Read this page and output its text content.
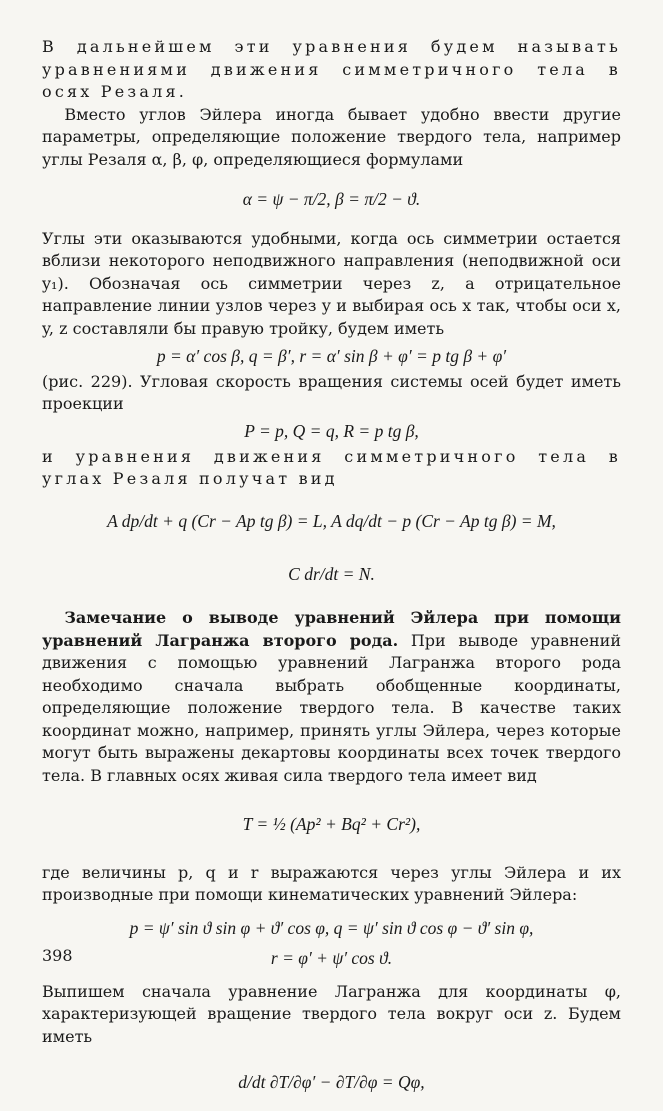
В дальнейшем эти уравнения будем называть уравнениями движения симметричного тела в осях Резаля.

Вместо углов Эйлера иногда бывает удобно ввести другие параметры, определяющие положение твердого тела, например углы Резаля α, β, φ, определяющиеся формулами

α = ψ − π/2, β = π/2 − ϑ.

Углы эти оказываются удобными, когда ось симметрии остается вблизи некоторого неподвижного направления (неподвижной оси y₁). Обозначая ось симметрии через z, а отрицательное направление линии узлов через y и выбирая ось x так, чтобы оси x, y, z составляли бы правую тройку, будем иметь

p = α′ cos β, q = β′, r = α′ sin β + φ′ = p tg β + φ′

(рис. 229). Угловая скорость вращения системы осей будет иметь проекции

P = p, Q = q, R = p tg β,

и уравнения движения симметричного тела в углах Резаля получат вид

A dp/dt + q (Cr − Ap tg β) = L, A dq/dt − p (Cr − Ap tg β) = M,

C dr/dt = N.

Замечание о выводе уравнений Эйлера при помощи уравнений Лагранжа второго рода. При выводе уравнений движения с помощью уравнений Лагранжа второго рода необходимо сначала выбрать обобщенные координаты, определяющие положение твердого тела. В качестве таких координат можно, например, принять углы Эйлера, через которые могут быть выражены декартовы координаты всех точек твердого тела. В главных осях живая сила твердого тела имеет вид

T = ½ (Ap² + Bq² + Cr²),

где величины p, q и r выражаются через углы Эйлера и их производные при помощи кинематических уравнений Эйлера:

p = ψ′ sin ϑ sin φ + ϑ′ cos φ, q = ψ′ sin ϑ cos φ − ϑ′ sin φ,

r = φ′ + ψ′ cos ϑ.

Выпишем сначала уравнение Лагранжа для координаты φ, характеризующей вращение твердого тела вокруг оси z. Будем иметь

d/dt ∂T/∂φ′ − ∂T/∂φ = Qφ,

398
